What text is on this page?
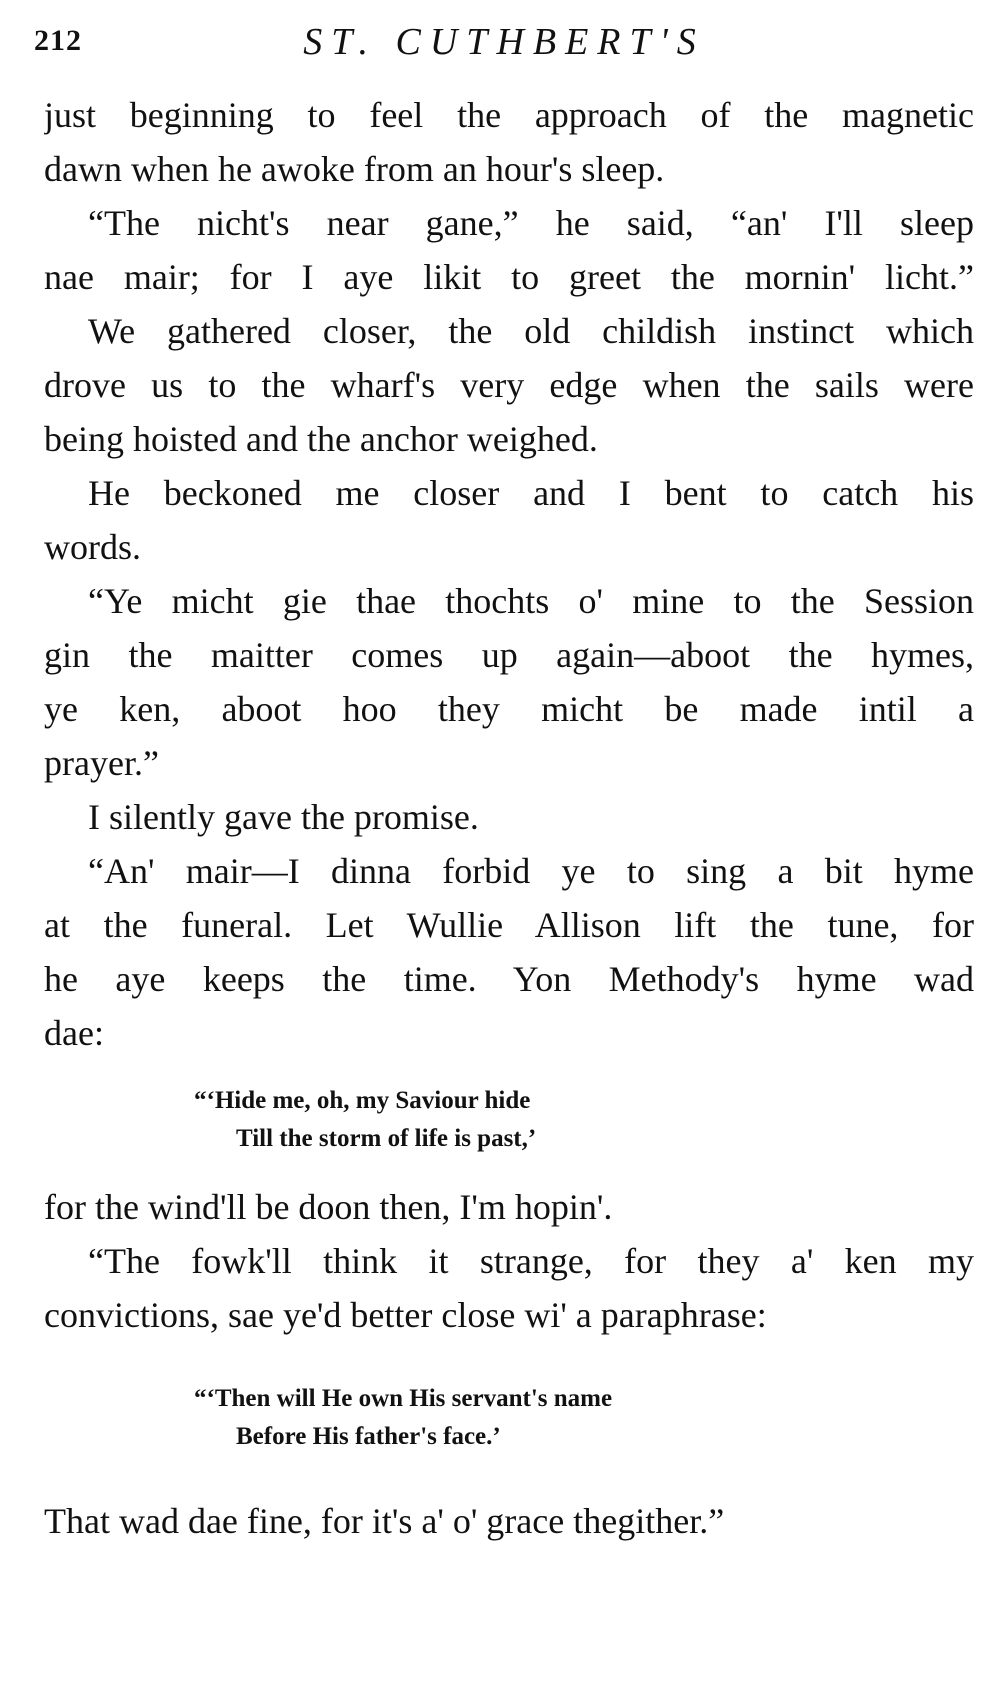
212	ST. CUTHBERT'S
just beginning to feel the approach of the magnetic
dawn when he awoke from an hour's sleep.
“The nicht's near gane,” he said, “an' I'll sleep
nae mair; for I aye likit to greet the mornin' licht.”
We gathered closer, the old childish instinct which
drove us to the wharf's very edge when the sails were
being hoisted and the anchor weighed.
He beckoned me closer and I bent to catch his
words.
“Ye micht gie thae thochts o' mine to the Session
gin the maitter comes up again—aboot the hymes,
ye ken, aboot hoo they micht be made intil a
prayer.”
I silently gave the promise.
“An' mair—I dinna forbid ye to sing a bit hyme
at the funeral. Let Wullie Allison lift the tune, for
he aye keeps the time. Yon Methody's hyme wad
dae:
“‘Hide me, oh, my Saviour hide
Till the storm of life is past,’
for the wind'll be doon then, I'm hopin'.
“The fowk'll think it strange, for they a' ken my
convictions, sae ye'd better close wi' a paraphrase:
“‘Then will He own His servant's name
Before His father's face.’
That wad dae fine, for it's a' o' grace thegither.”
